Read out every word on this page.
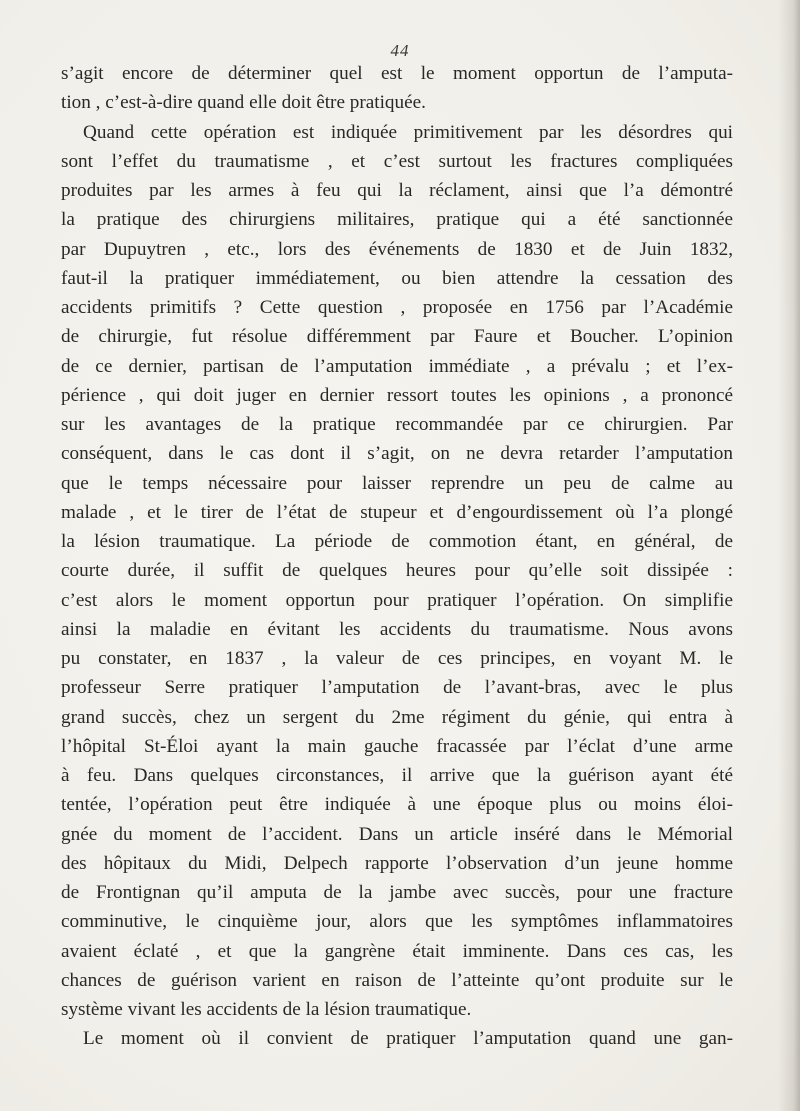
44
s’agit encore de déterminer quel est le moment opportun de l’amputa-
tion , c’est-à-dire quand elle doit être pratiquée.
Quand cette opération est indiquée primitivement par les désordres qui
sont l’effet du traumatisme , et c’est surtout les fractures compliquées
produites par les armes à feu qui la réclament, ainsi que l’a démontré
la pratique des chirurgiens militaires, pratique qui a été sanctionnée
par Dupuytren , etc., lors des événements de 1830 et de Juin 1832,
faut-il la pratiquer immédiatement, ou bien attendre la cessation des
accidents primitifs ? Cette question , proposée en 1756 par l’Académie
de chirurgie, fut résolue différemment par Faure et Boucher. L’opinion
de ce dernier, partisan de l’amputation immédiate , a prévalu ; et l’ex-
périence , qui doit juger en dernier ressort toutes les opinions , a prononcé
sur les avantages de la pratique recommandée par ce chirurgien. Par
conséquent, dans le cas dont il s’agit, on ne devra retarder l’amputation
que le temps nécessaire pour laisser reprendre un peu de calme au
malade , et le tirer de l’état de stupeur et d’engourdissement où l’a plongé
la lésion traumatique. La période de commotion étant, en général, de
courte durée, il suffit de quelques heures pour qu’elle soit dissipée :
c’est alors le moment opportun pour pratiquer l’opération. On simplifie
ainsi la maladie en évitant les accidents du traumatisme. Nous avons
pu constater, en 1837 , la valeur de ces principes, en voyant M. le
professeur Serre pratiquer l’amputation de l’avant-bras, avec le plus
grand succès, chez un sergent du 2me régiment du génie, qui entra à
l’hôpital St-Éloi ayant la main gauche fracassée par l’éclat d’une arme
à feu. Dans quelques circonstances, il arrive que la guérison ayant été
tentée, l’opération peut être indiquée à une époque plus ou moins éloi-
gnée du moment de l’accident. Dans un article inséré dans le Mémorial
des hôpitaux du Midi, Delpech rapporte l’observation d’un jeune homme
de Frontignan qu’il amputa de la jambe avec succès, pour une fracture
comminutive, le cinquième jour, alors que les symptômes inflammatoires
avaient éclaté , et que la gangrène était imminente. Dans ces cas, les
chances de guérison varient en raison de l’atteinte qu’ont produite sur le
système vivant les accidents de la lésion traumatique.
Le moment où il convient de pratiquer l’amputation quand une gan-
